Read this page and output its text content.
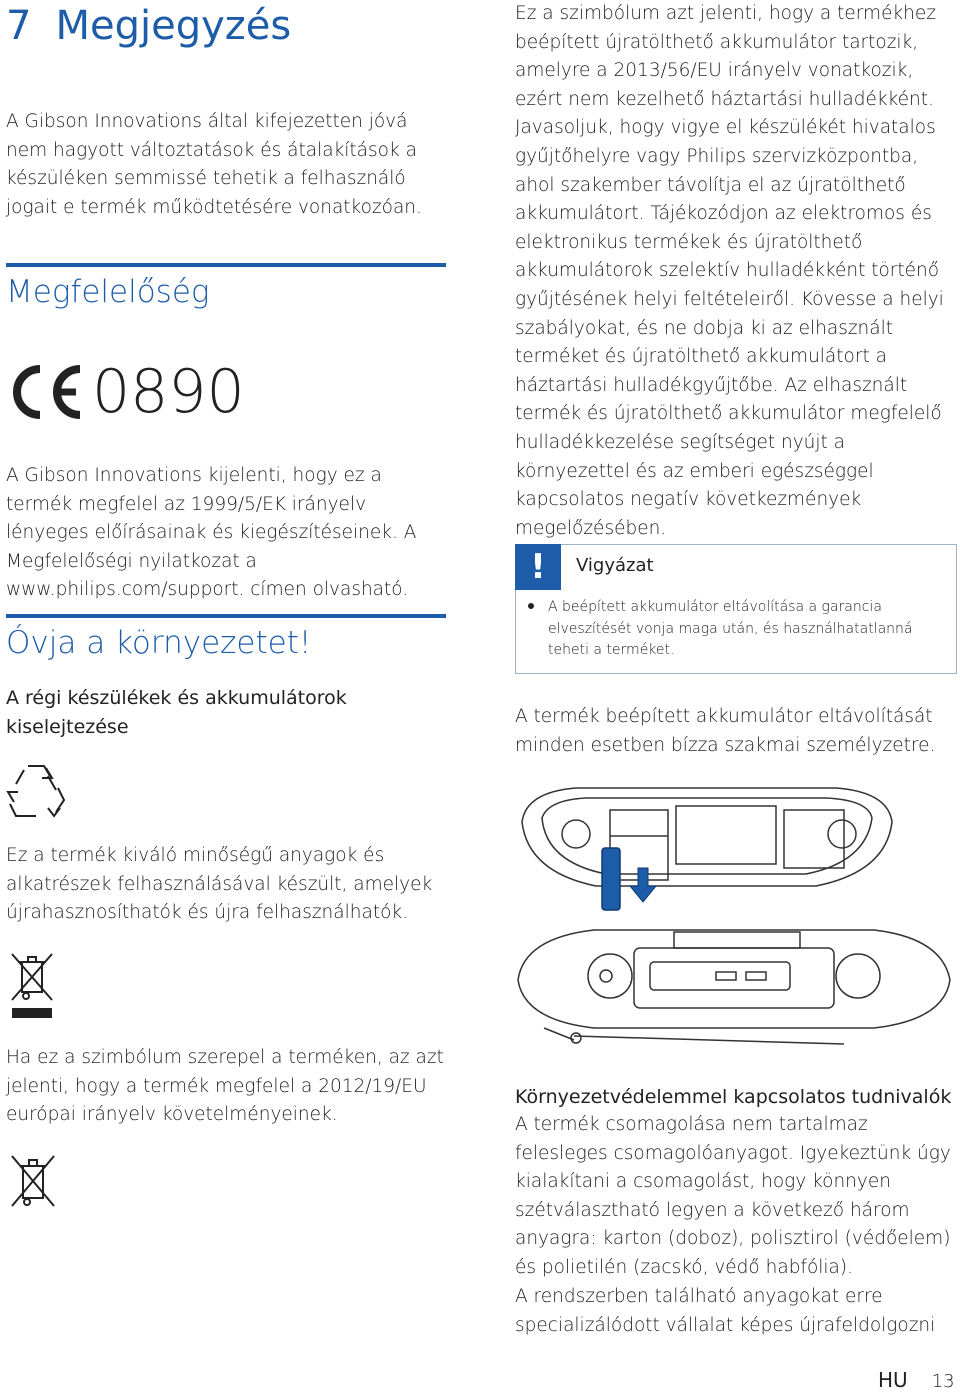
7 Megjegyzés

A Gibson Innovations által kifejezetten jóvá nem hagyott változtatások és átalakítások a készüléken semmissé tehetik a felhasználó jogait e termék működtetésére vonatkozóan.

Megfelelőség
0890

A Gibson Innovations kijelenti, hogy ez a termék megfelel az 1999/5/EK irányelv lényeges előírásainak és kiegészítéseinek. A Megfelelőségi nyilatkozat a www.philips.com/support. címen olvasható.

Óvja a környezetet!
A régi készülékek és akkumulátorok kiselejtezése

Ez a termék kiváló minőségű anyagok és alkatrészek felhasználásával készült, amelyek újrahasznosíthatók és újra felhasználhatók.

Ha ez a szimbólum szerepel a terméken, az azt jelenti, hogy a termék megfelel a 2012/19/EU európai irányelv követelményeinek.

Ez a szimbólum azt jelenti, hogy a termékhez beépített újratölthető akkumulátor tartozik, amelyre a 2013/56/EU irányelv vonatkozik, ezért nem kezelhető háztartási hulladékként. Javasoljuk, hogy vigye el készülékét hivatalos gyűjtőhelyre vagy Philips szervizközpontba, ahol szakember távolítja el az újratölthető akkumulátort. Tájékozódjon az elektromos és elektronikus termékek és újratölthető akkumulátorok szelektív hulladékként történő gyűjtésének helyi feltételeiről. Kövesse a helyi szabályokat, és ne dobja ki az elhasznált terméket és újratölthető akkumulátort a háztartási hulladékgyűjtőbe. Az elhasznált termék és újratölthető akkumulátor megfelelő hulladékkezelése segítséget nyújt a környezettel és az emberi egészséggel kapcsolatos negatív következmények megelőzésében.

!	Vigyázat

A beépített akkumulátor eltávolítása a garancia elveszítését vonja maga után, és használhatatlanná teheti a terméket.

A termék beépített akkumulátor eltávolítását minden esetben bízza szakmai személyzetre.

Környezetvédelemmel kapcsolatos tudnivalók

A termék csomagolása nem tartalmaz felesleges csomagolóanyagot. Igyekeztünk úgy kialakítani a csomagolást, hogy könnyen szétválasztható legyen a következő három anyagra: karton (doboz), polisztirol (védőelem) és polietilén (zacskó, védő habfólia).

A rendszerben található anyagokat erre specializálódott vállalat képes újrafeldolgozni

HU 13
